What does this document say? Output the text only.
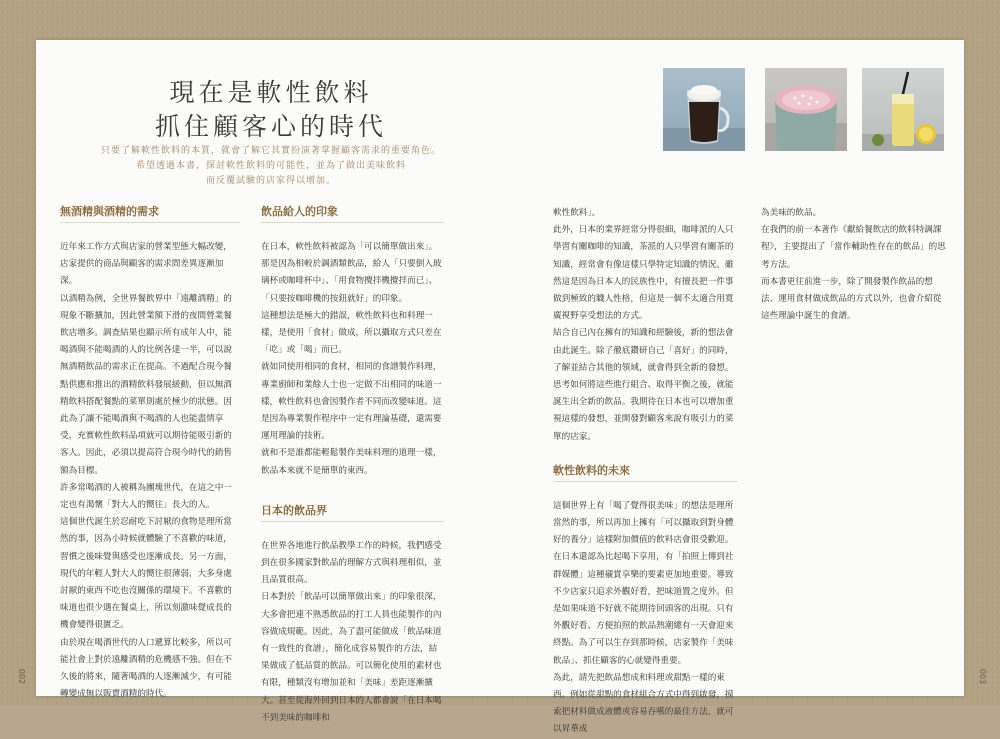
現在是軟性飲料
抓住顧客心的時代
只要了解軟性飲料的本質，就會了解它其實扮演著掌握顧客需求的重要角色。
希望透過本書，探討軟性飲料的可能性，並為了做出美味飲料
而反覆試驗的店家得以增加。
無酒精與酒精的需求

近年來工作方式與店家的營業型態大幅改變，店家提供的商品與顧客的需求間差異逐漸加深。

以酒精為例，全世界餐飲界中「遠離酒精」的現象不斷擴加，因此營業額下滑的夜間營業餐飲店增多。調查結果也顯示所有成年人中，能喝酒與不能喝酒的人的比例各達一半，可以說無酒精飲品的需求正在提高。不過配合現今餐點供應和推出的酒精飲料發展緩動，但以無酒精飲料搭配餐點的菜單則處於極少的狀態。因此為了讓不能喝酒與不喝酒的人也能盡情享受，充實軟性飲料品項就可以期待能吸引新的客人。因此，必須以提高符合現今時代的銷售額為目標。

許多常喝酒的人被稱為團塊世代，在這之中一定也有渴懷「對大人的嚮往」長大的人。

這個世代誕生於忍耐吃下討厭的食物是理所當然的事，因為小時候就體驗了不喜歡的味道，習慣之後味覺與感受也逐漸成長。另一方面，現代的年輕人對大人的嚮往很薄弱，大多身處討厭的東西不吃也沒關係的環境下。不喜歡的味道也很少遇在餐桌上，所以刻激味覺成長的機會變得很匱乏。

由於現在喝酒世代的人口遞算比較多，所以可能社會上對於遠離酒精的危機感不強。但在不久後的將來，隨著喝酒的人逐漸減少，有可能轉變成無以販賣酒精的時代。

飲品給人的印象

在日本，軟性飲料被認為「可以簡單做出來」。那是因為相較於調酒類飲品，給人「只要倒入玻璃杯或咖啡杯中」、「用食物攪拌機攪拌而已」、「只要按咖啡機的按鈕就好」的印象。

這種想法是極大的錯誤，軟性飲料也和料理一樣，是使用「食材」做成，所以攝取方式只差在「吃」或「喝」而已。

就如同使用相同的食材，相同的食譜製作料理，專業廚師和業餘人士也一定做不出相同的味道一樣，軟性飲料也會因製作者不同而改變味道。這是因為專業製作程序中一定有理論基礎，還需要運用理論的技術。

就和不是誰都能輕鬆製作美味料理的道理一樣，飲品本來就不是簡單的東西。

日本的飲品界

在世界各地進行飲品教學工作的時候，我們感受到在很多國家對飲品的理解方式與料理相似，並且品質很高。

日本對於「飲品可以簡單做出來」的印象很深，大多會把連不熟悉飲品的打工人員也能製作的內容做成規範。因此，為了盡可能做成「飲品味道有一致性的食譜」，簡化成容易製作的方法，結果做成了低品質的飲品。可以簡化使用的素材也有限，種類沒有增加並和「美味」差距逐漸擴大。甚至從海外回到日本的人都會說「在日本喝不到美味的咖啡和

軟性飲料」。

此外，日本的業界經常分得很細，咖啡派的人只學習有關咖啡的知識，茶派的人只學習有關茶的知識，經常會有像這樣只學特定知識的情況。雖然這是因為日本人的民族性中，有擅長把一件事做到極致的職人性格，但這是一個不太適合用寬廣視野享受想法的方式。

結合自己內在擁有的知識和經驗後，新的想法會由此誕生。除了徹底鑽研自己「喜好」的同時，了解並結合其他的領域，就會得到全新的發想。思考如何將這些進行組合、取得平衡之後，就能誕生出全新的飲品。我期待在日本也可以增加重視這樣的發想，並開發對顧客來說有吸引力的菜單的店家。

軟性飲料的未來

這個世界上有「喝了覺得很美味」的想法是理所當然的事，所以再加上擁有「可以攝取到對身體好的養分」這樣附加價值的飲料店會很受歡迎。

在日本還認為比起喝下享用，有「拍照上傳到社群媒體」這種襯賞享樂的要素更加地重要。導致不少店家只追求外觀好看，把味道置之度外。但是如果味道不好就不能期待回頭客的出現。只有外觀好看、方便拍照的飲品熱潮總有一天會迎來終點。為了可以生存到那時候，店家製作「美味飲品」、抓住顧客的心就變得重要。

為此，請先把飲品想成和料理或甜點一樣的東西。例如從甜點的食材組合方式中得到啟發，摸索把材料做成液體或容易吞嚥的最佳方法，就可以昇華成

為美味的飲品。

在我們的前一本著作《獻給餐飲店的飲料特調課程》，主要提出了「當作輔助性存在的飲品」的思考方法。

而本書更往前進一步，除了開發製作飲品的想法、運用食材做成飲品的方式以外，也會介紹從這些理論中誕生的食譜。

002	003
